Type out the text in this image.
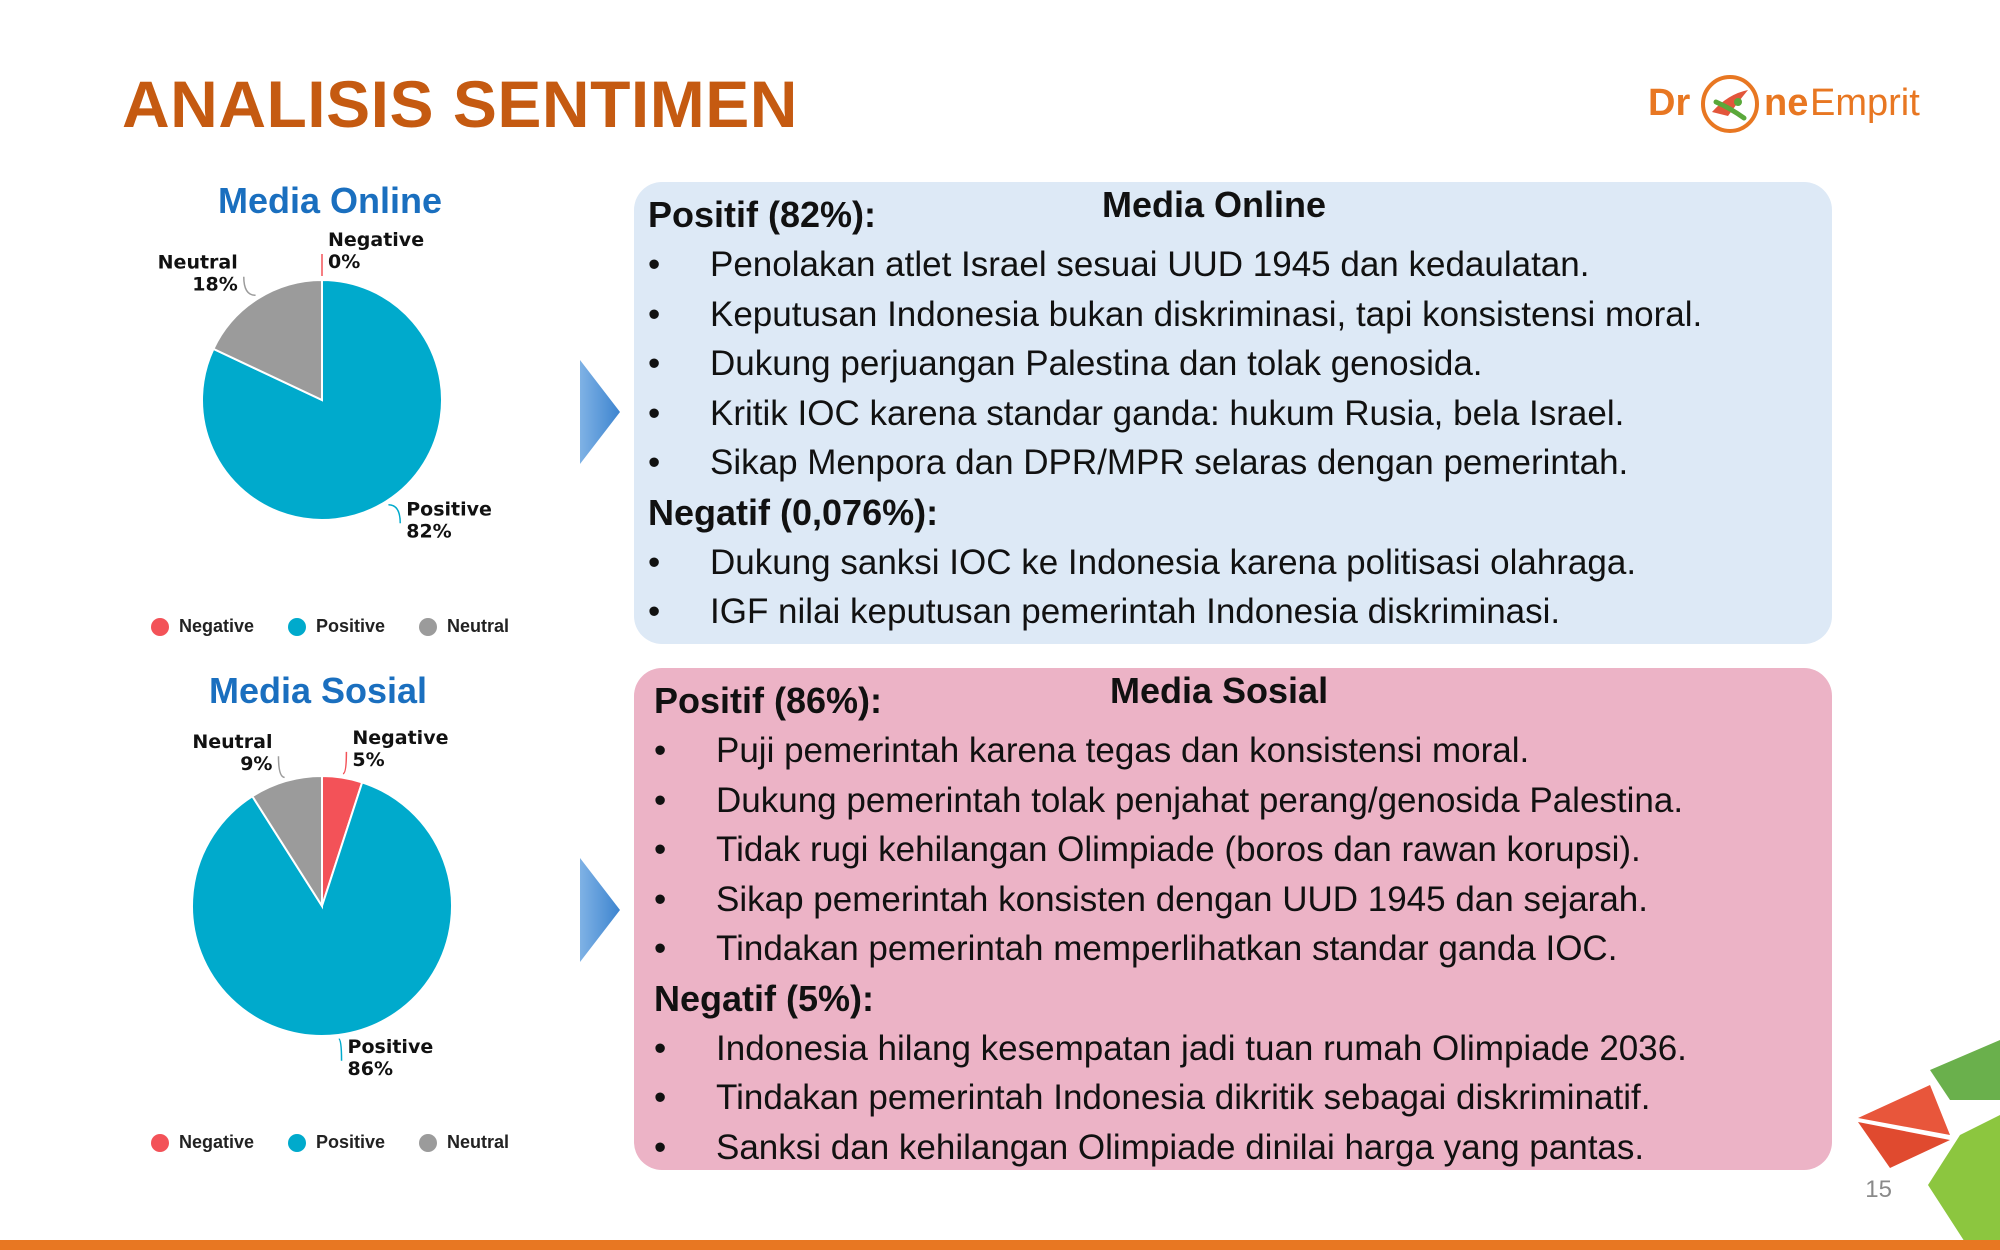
ANALISIS SENTIMEN	Dr ne Emprit
Media Online
Negative 0%
Positive 82%
Neutral 18%
Negative	Positive	Neutral
Media Sosial
Negative 5%
Positive 86%
Neutral 9%
Negative	Positive	Neutral
Media Online
Positif (82%):
•	Penolakan atlet Israel sesuai UUD 1945 dan kedaulatan.
•	Keputusan Indonesia bukan diskriminasi, tapi konsistensi moral.
•	Dukung perjuangan Palestina dan tolak genosida.
•	Kritik IOC karena standar ganda: hukum Rusia, bela Israel.
•	Sikap Menpora dan DPR/MPR selaras dengan pemerintah.
Negatif (0,076%):
•	Dukung sanksi IOC ke Indonesia karena politisasi olahraga.
•	IGF nilai keputusan pemerintah Indonesia diskriminasi.
Media Sosial
Positif (86%):
•	Puji pemerintah karena tegas dan konsistensi moral.
•	Dukung pemerintah tolak penjahat perang/genosida Palestina.
•	Tidak rugi kehilangan Olimpiade (boros dan rawan korupsi).
•	Sikap pemerintah konsisten dengan UUD 1945 dan sejarah.
•	Tindakan pemerintah memperlihatkan standar ganda IOC.
Negatif (5%):
•	Indonesia hilang kesempatan jadi tuan rumah Olimpiade 2036.
•	Tindakan pemerintah Indonesia dikritik sebagai diskriminatif.
•	Sanksi dan kehilangan Olimpiade dinilai harga yang pantas.
15
